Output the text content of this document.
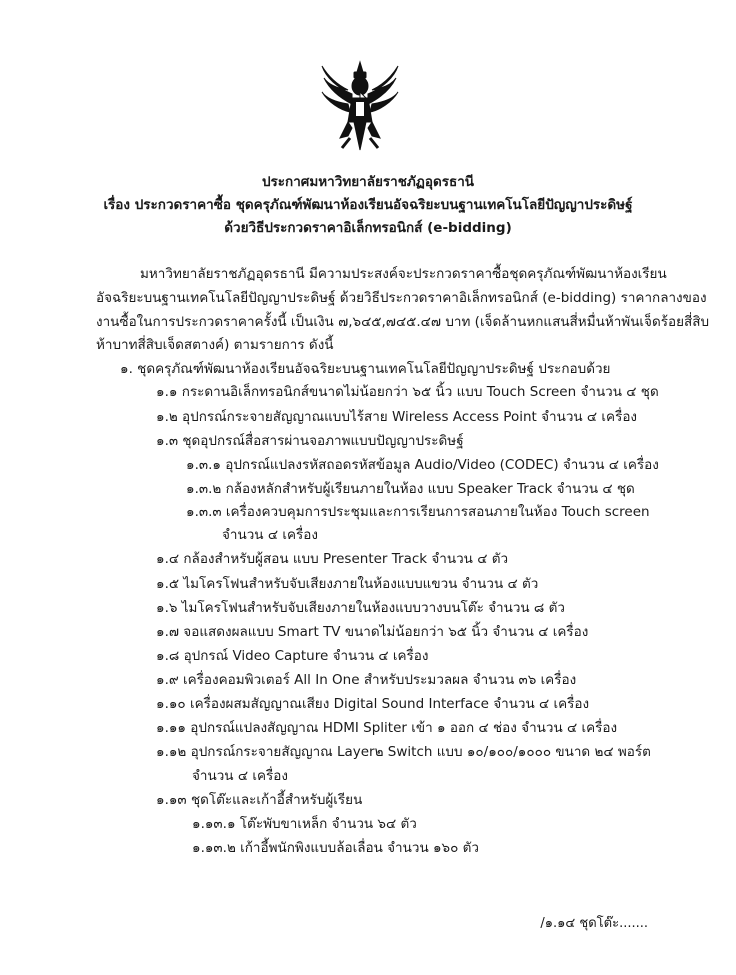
ประกาศมหาวิทยาลัยราชภัฏอุดรธานี
เรื่อง ประกวดราคาซื้อ ชุดครุภัณฑ์พัฒนาห้องเรียนอัจฉริยะบนฐานเทคโนโลยีปัญญาประดิษฐ์
ด้วยวิธีประกวดราคาอิเล็กทรอนิกส์ (e-bidding)
มหาวิทยาลัยราชภัฏอุดรธานี มีความประสงค์จะประกวดราคาซื้อชุดครุภัณฑ์พัฒนาห้องเรียน
อัจฉริยะบนฐานเทคโนโลยีปัญญาประดิษฐ์ ด้วยวิธีประกวดราคาอิเล็กทรอนิกส์ (e-bidding) ราคากลางของ
งานซื้อในการประกวดราคาครั้งนี้ เป็นเงิน ๗,๖๔๕,๗๔๕.๔๗ บาท (เจ็ดล้านหกแสนสี่หมื่นห้าพันเจ็ดร้อยสี่สิบ
ห้าบาทสี่สิบเจ็ดสตางค์) ตามรายการ ดังนี้
๑. ชุดครุภัณฑ์พัฒนาห้องเรียนอัจฉริยะบนฐานเทคโนโลยีปัญญาประดิษฐ์ ประกอบด้วย
๑.๑ กระดานอิเล็กทรอนิกส์ขนาดไม่น้อยกว่า ๖๕ นิ้ว แบบ Touch Screen จำนวน ๔ ชุด
๑.๒ อุปกรณ์กระจายสัญญาณแบบไร้สาย Wireless Access Point จำนวน ๔ เครื่อง
๑.๓ ชุดอุปกรณ์สื่อสารผ่านจอภาพแบบปัญญาประดิษฐ์
๑.๓.๑ อุปกรณ์แปลงรหัสถอดรหัสข้อมูล Audio/Video (CODEC) จำนวน ๔ เครื่อง
๑.๓.๒ กล้องหลักสำหรับผู้เรียนภายในห้อง แบบ Speaker Track จำนวน ๔ ชุด
๑.๓.๓ เครื่องควบคุมการประชุมและการเรียนการสอนภายในห้อง Touch screen
จำนวน ๔ เครื่อง
๑.๔ กล้องสำหรับผู้สอน แบบ Presenter Track จำนวน ๔ ตัว
๑.๕ ไมโครโฟนสำหรับจับเสียงภายในห้องแบบแขวน จำนวน ๔ ตัว
๑.๖ ไมโครโฟนสำหรับจับเสียงภายในห้องแบบวางบนโต๊ะ จำนวน ๘ ตัว
๑.๗ จอแสดงผลแบบ Smart TV ขนาดไม่น้อยกว่า ๖๕ นิ้ว จำนวน ๔ เครื่อง
๑.๘ อุปกรณ์ Video Capture จำนวน ๔ เครื่อง
๑.๙ เครื่องคอมพิวเตอร์ All In One สำหรับประมวลผล จำนวน ๓๖ เครื่อง
๑.๑๐ เครื่องผสมสัญญาณเสียง Digital Sound Interface จำนวน ๔ เครื่อง
๑.๑๑ อุปกรณ์แปลงสัญญาณ HDMI Spliter เข้า ๑ ออก ๔ ช่อง จำนวน ๔ เครื่อง
๑.๑๒ อุปกรณ์กระจายสัญญาณ Layer๒ Switch แบบ ๑๐/๑๐๐/๑๐๐๐ ขนาด ๒๔ พอร์ต
จำนวน ๔ เครื่อง
๑.๑๓ ชุดโต๊ะและเก้าอี้สำหรับผู้เรียน
๑.๑๓.๑ โต๊ะพับขาเหล็ก จำนวน ๖๔ ตัว
๑.๑๓.๒ เก้าอี้พนักพิงแบบล้อเลื่อน จำนวน ๑๖๐ ตัว
/๑.๑๔ ชุดโต๊ะ.......
